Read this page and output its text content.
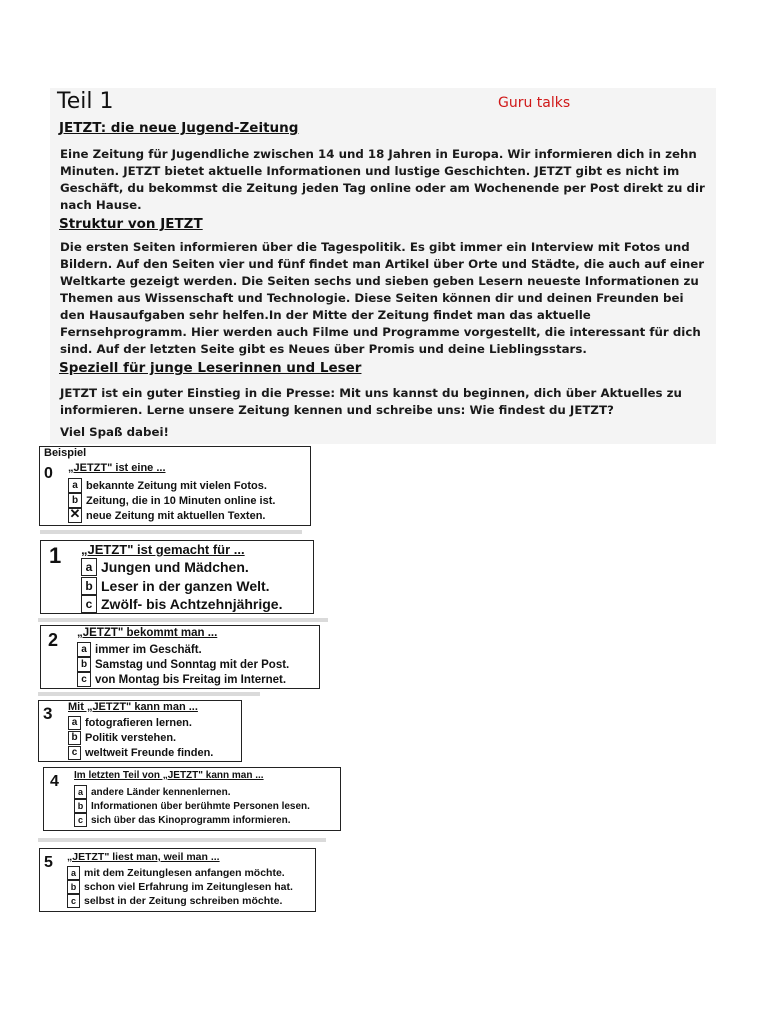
Teil 1	Guru talks
JETZT: die neue Jugend-Zeitung

Eine Zeitung für Jugendliche zwischen 14 und 18 Jahren in Europa. Wir informieren dich in zehn Minuten. JETZT bietet aktuelle Informationen und lustige Geschichten. JETZT gibt es nicht im Geschäft, du bekommst die Zeitung jeden Tag online oder am Wochenende per Post direkt zu dir nach Hause.

Struktur von JETZT

Die ersten Seiten informieren über die Tagespolitik. Es gibt immer ein Interview mit Fotos und Bildern. Auf den Seiten vier und fünf findet man Artikel über Orte und Städte, die auch auf einer Weltkarte gezeigt werden. Die Seiten sechs und sieben geben Lesern neueste Informationen zu Themen aus Wissenschaft und Technologie. Diese Seiten können dir und deinen Freunden bei den Hausaufgaben sehr helfen.In der Mitte der Zeitung findet man das aktuelle Fernsehprogramm. Hier werden auch Filme und Programme vorgestellt, die interessant für dich sind. Auf der letzten Seite gibt es Neues über Promis und deine Lieblingsstars.

Speziell für junge Leserinnen und Leser

JETZT ist ein guter Einstieg in die Presse: Mit uns kannst du beginnen, dich über Aktuelles zu informieren. Lerne unsere Zeitung kennen und schreibe uns: Wie findest du JETZT?

Viel Spaß dabei!

Beispiel
0 „JETZT" ist eine ...
a bekannte Zeitung mit vielen Fotos.
b Zeitung, die in 10 Minuten online ist.
neue Zeitung mit aktuellen Texten.
1 „JETZT" ist gemacht für ...
a Jungen und Mädchen.
b Leser in der ganzen Welt.
c Zwölf- bis Achtzehnjährige.
2 „JETZT" bekommt man ...
a immer im Geschäft.
b Samstag und Sonntag mit der Post.
c von Montag bis Freitag im Internet.
3 Mit „JETZT" kann man ...
a fotografieren lernen.
b Politik verstehen.
c weltweit Freunde finden.
4 Im letzten Teil von „JETZT" kann man ...
a andere Länder kennenlernen.
b Informationen über berühmte Personen lesen.
c sich über das Kinoprogramm informieren.
5 „JETZT" liest man, weil man ...
a mit dem Zeitunglesen anfangen möchte.
b schon viel Erfahrung im Zeitunglesen hat.
c selbst in der Zeitung schreiben möchte.
